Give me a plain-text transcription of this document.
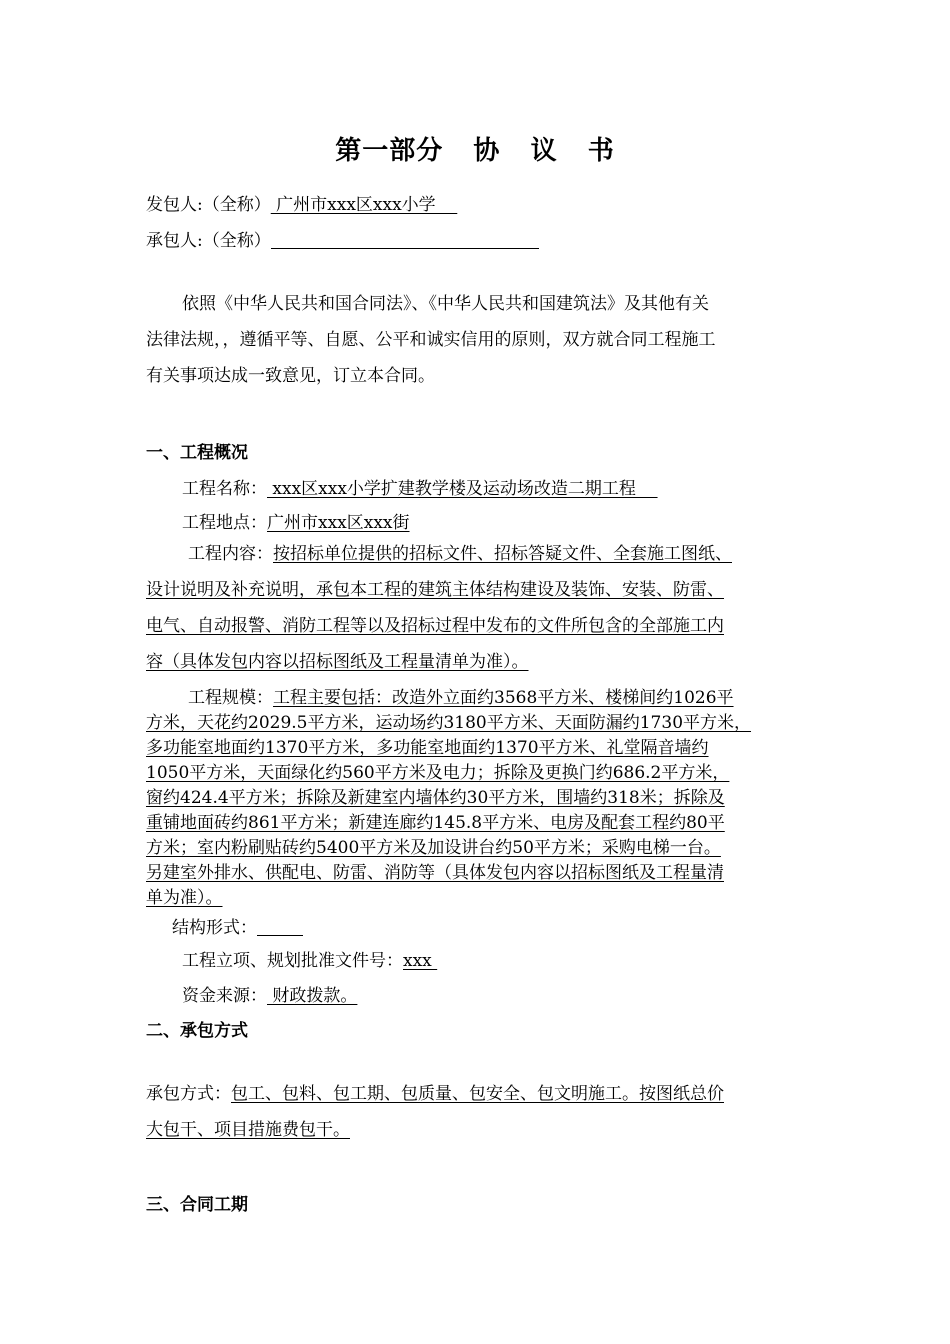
第一部分   协   议   书
发包人:（全称） 广州市xxx区xxx小学
承包人:（全称）
依照《中华人民共和国合同法》、《中华人民共和国建筑法》及其他有关
法律法规，，遵循平等、自愿、公平和诚实信用的原则，双方就合同工程施工
有关事项达成一致意见，订立本合同。
一、工程概况
工程名称： xxx区xxx小学扩建教学楼及运动场改造二期工程
工程地点：广州市xxx区xxx街
工程内容：按招标单位提供的招标文件、招标答疑文件、全套施工图纸、
设计说明及补充说明，承包本工程的建筑主体结构建设及装饰、安装、防雷、
电气、自动报警、消防工程等以及招标过程中发布的文件所包含的全部施工内
容（具体发包内容以招标图纸及工程量清单为准）。
工程规模：工程主要包括：改造外立面约3568平方米、楼梯间约1026平
方米，天花约2029.5平方米，运动场约3180平方米、天面防漏约1730平方米，
多功能室地面约1370平方米，多功能室地面约1370平方米、礼堂隔音墙约
1050平方米，天面绿化约560平方米及电力；拆除及更换门约686.2平方米，
窗约424.4平方米；拆除及新建室内墙体约30平方米，围墙约318米；拆除及
重铺地面砖约861平方米；新建连廊约145.8平方米、电房及配套工程约80平
方米；室内粉刷贴砖约5400平方米及加设讲台约50平方米；采购电梯一台。
另建室外排水、供配电、防雷、消防等（具体发包内容以招标图纸及工程量清
单为准）。
结构形式：
工程立项、规划批准文件号：xxx
资金来源： 财政拨款。
二、承包方式
承包方式：包工、包料、包工期、包质量、包安全、包文明施工。按图纸总价
大包干、项目措施费包干。
三、合同工期
